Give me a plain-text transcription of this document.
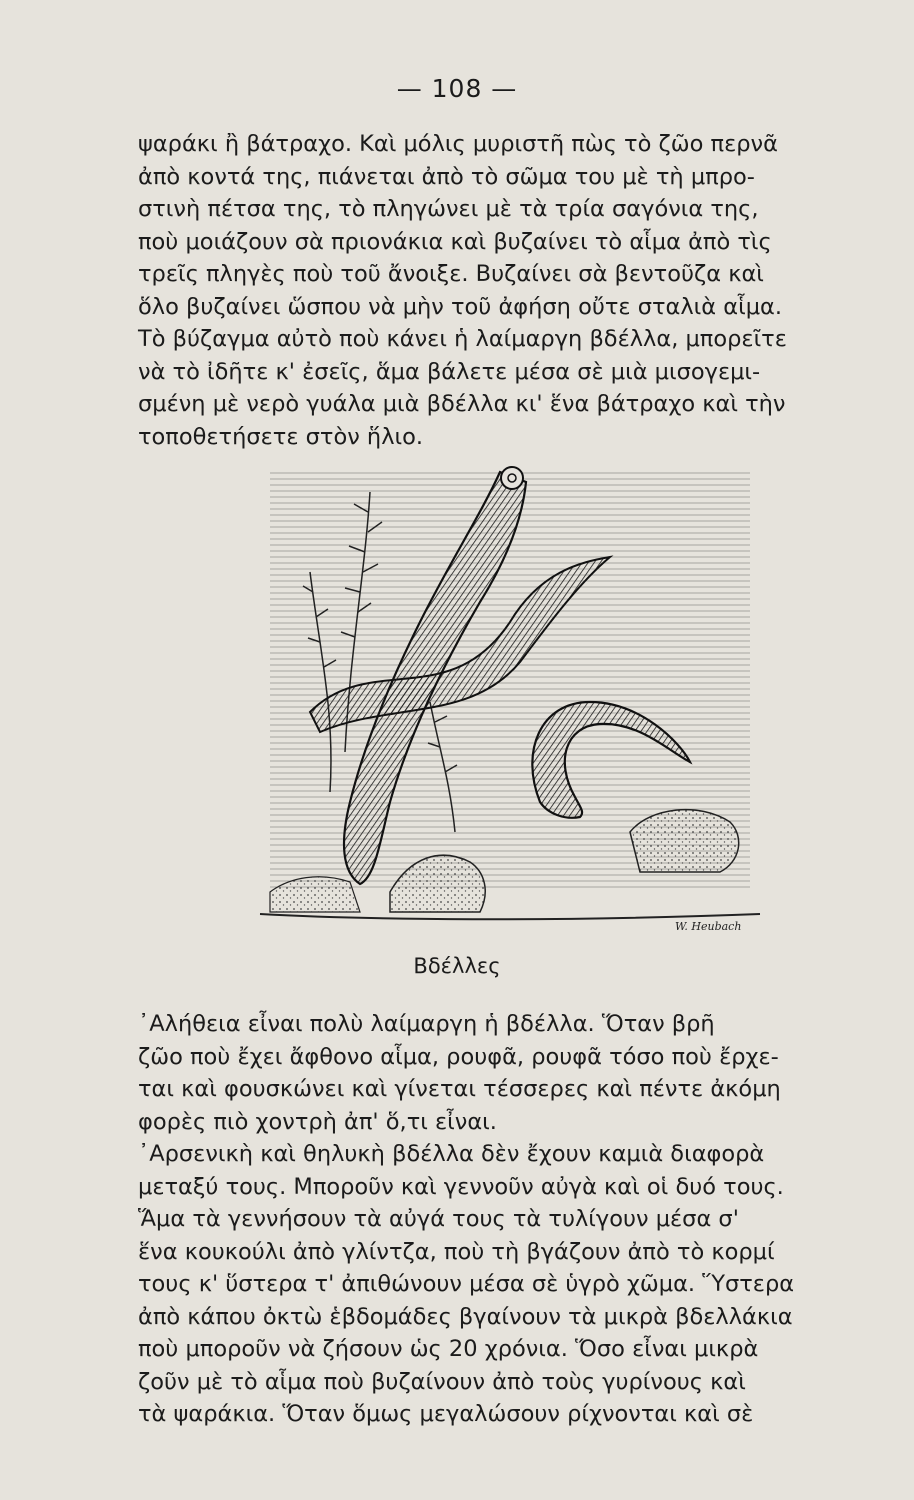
— 108 —

ψαράκι ἢ βάτραχο. Καὶ μόλις μυριστῆ πὼς τὸ ζῶο περνᾶ

ἀπὸ κοντά της, πιάνεται ἀπὸ τὸ σῶμα του μὲ τὴ μπρο-

στινὴ πέτσα της, τὸ πληγώνει μὲ τὰ τρία σαγόνια της,

ποὺ μοιάζουν σὰ πριονάκια καὶ βυζαίνει τὸ αἷμα ἀπὸ τὶς

τρεῖς πληγὲς ποὺ τοῦ ἄνοιξε. Βυζαίνει σὰ βεντοῦζα καὶ

ὅλο βυζαίνει ὥσπου νὰ μὴν τοῦ ἀφήση οὔτε σταλιὰ αἷμα.

Τὸ βύζαγμα αὐτὸ ποὺ κάνει ἡ λαίμαργη βδέλλα, μπορεῖτε

νὰ τὸ ἰδῆτε κ' ἐσεῖς, ἅμα βάλετε μέσα σὲ μιὰ μισογεμι-

σμένη μὲ νερὸ γυάλα μιὰ βδέλλα κι' ἕνα βάτραχο καὶ τὴν

τοποθετήσετε στὸν ἥλιο.

W. Heubach
Βδέλλες

᾿Αλήθεια εἶναι πολὺ λαίμαργη ἡ βδέλλα. Ὅταν βρῆ

ζῶο ποὺ ἔχει ἄφθονο αἷμα, ρουφᾶ, ρουφᾶ τόσο ποὺ ἔρχε-

ται καὶ φουσκώνει καὶ γίνεται τέσσερες καὶ πέντε ἀκόμη

φορὲς πιὸ χοντρὴ ἀπ' ὅ,τι εἶναι.

᾿Αρσενικὴ καὶ θηλυκὴ βδέλλα δὲν ἔχουν καμιὰ διαφορὰ

μεταξύ τους. Μποροῦν καὶ γεννοῦν αὐγὰ καὶ οἱ δυό τους.

Ἅμα τὰ γεννήσουν τὰ αὐγά τους τὰ τυλίγουν μέσα σ'

ἕνα κουκούλι ἀπὸ γλίντζα, ποὺ τὴ βγάζουν ἀπὸ τὸ κορμί

τους κ' ὕστερα τ' ἀπιθώνουν μέσα σὲ ὑγρὸ χῶμα. Ὕστερα

ἀπὸ κάπου ὀκτὼ ἑβδομάδες βγαίνουν τὰ μικρὰ βδελλάκια

ποὺ μποροῦν νὰ ζήσουν ὡς 20 χρόνια. Ὅσο εἶναι μικρὰ

ζοῦν μὲ τὸ αἷμα ποὺ βυζαίνουν ἀπὸ τοὺς γυρίνους καὶ

τὰ ψαράκια. Ὅταν ὅμως μεγαλώσουν ρίχνονται καὶ σὲ
